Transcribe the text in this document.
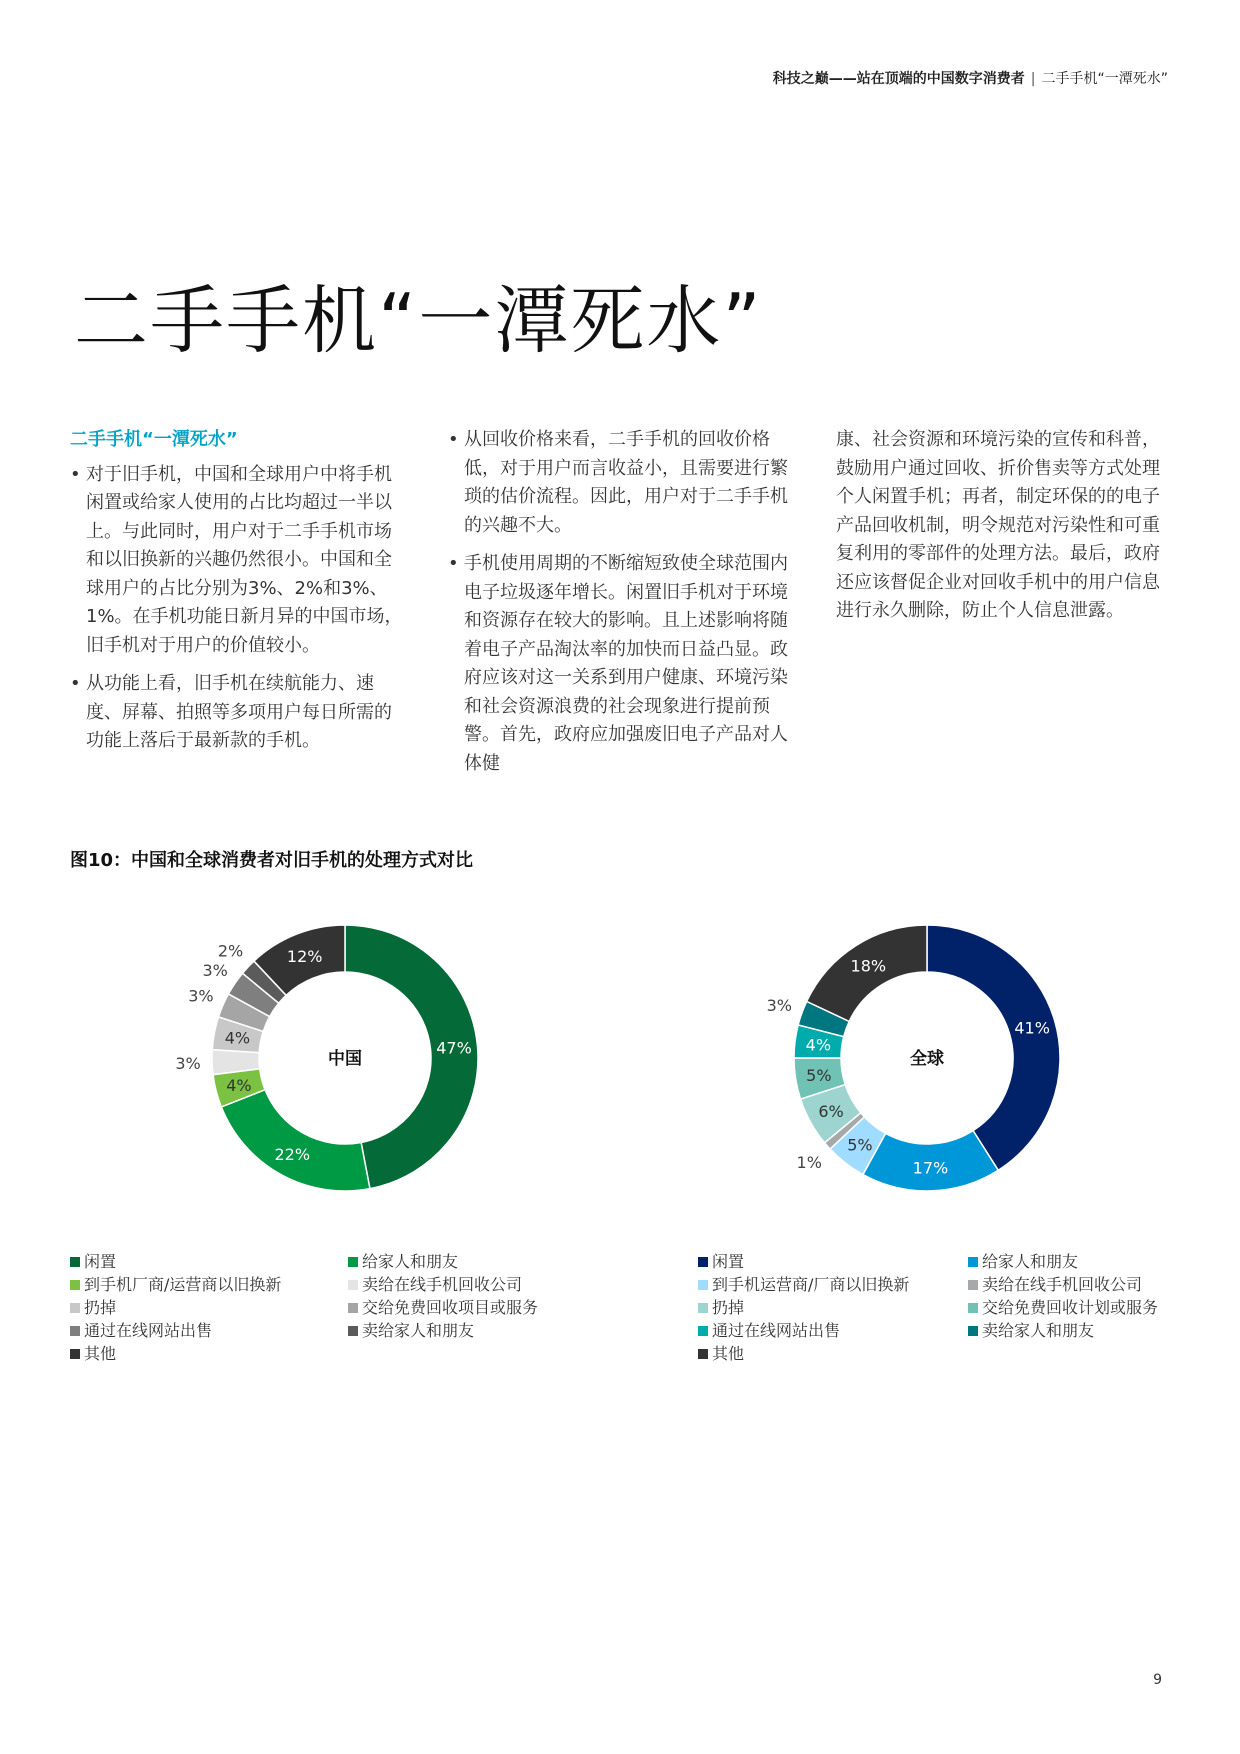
科技之巅——站在顶端的中国数字消费者 | 二手手机“一潭死水”
二手手机“一潭死水”
二手手机“一潭死水”

• 对于旧手机，中国和全球用户中将手机闲置或给家人使用的占比均超过一半以上。与此同时，用户对于二手手机市场和以旧换新的兴趣仍然很小。中国和全球用户的占比分别为3%、2%和3%、1%。在手机功能日新月异的中国市场，旧手机对于用户的价值较小。

• 从功能上看，旧手机在续航能力、速度、屏幕、拍照等多项用户每日所需的功能上落后于最新款的手机。

• 从回收价格来看，二手手机的回收价格低，对于用户而言收益小，且需要进行繁琐的估价流程。因此，用户对于二手手机的兴趣不大。

• 手机使用周期的不断缩短致使全球范围内电子垃圾逐年增长。闲置旧手机对于环境和资源存在较大的影响。且上述影响将随着电子产品淘汰率的加快而日益凸显。政府应该对这一关系到用户健康、环境污染和社会资源浪费的社会现象进行提前预警。首先，政府应加强废旧电子产品对人体健

康、社会资源和环境污染的宣传和科普，鼓励用户通过回收、折价售卖等方式处理个人闲置手机；再者，制定环保的的电子产品回收机制，明令规范对污染性和可重复利用的零部件的处理方法。最后，政府还应该督促企业对回收手机中的用户信息进行永久删除，防止个人信息泄露。

图10：中国和全球消费者对旧手机的处理方式对比
47%
22%
4%
3%
4%
3%
3%
2%	12%
中国
41%
17%
5%
1%
6%
5%
4%
3%
18%
全球
闲置	给家人和朋友
到手机厂商/运营商以旧换新	卖给在线手机回收公司
扔掉	交给免费回收项目或服务
通过在线网站出售	卖给家人和朋友
其他
闲置	给家人和朋友
到手机运营商/厂商以旧换新	卖给在线手机回收公司
扔掉	交给免费回收计划或服务
通过在线网站出售	卖给家人和朋友
其他
9
